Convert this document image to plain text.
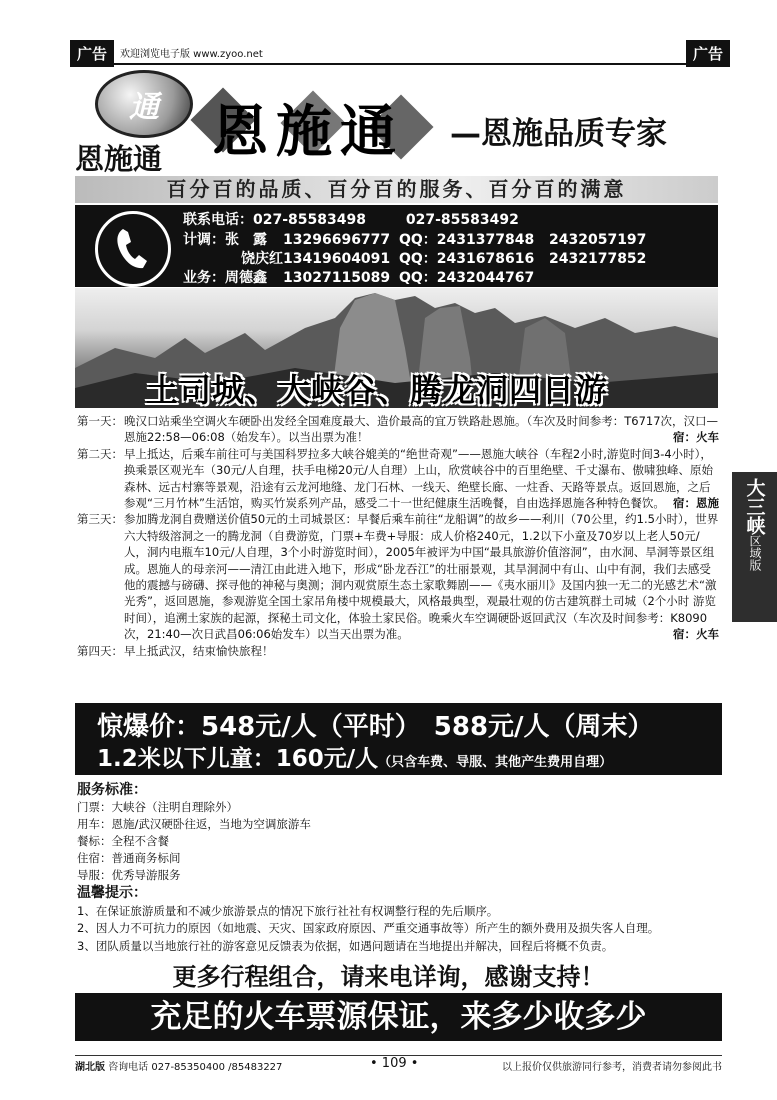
广告	欢迎浏览电子版 www.zyoo.net	广告
通
恩施通 恩施通 —恩施品质专家
百分百的品质、百分百的服务、百分百的满意
联系电话：027-85583498	027-85583492
计调：张　露 13296696777 QQ：2431377848 2432057197
饶庆红13419604091 QQ：2431678616 2432177852
业务：周德鑫 13027115089 QQ：2432044767
土司城、大峡谷、腾龙洞四日游
第一天： 晚汉口站乘坐空调火车硬卧出发经全国难度最大、造价最高的宜万铁路赴恩施。（车次及时间参考：T6717次，汉口—恩施22:58—06:08（始发车）。以当出票为准！	宿：火车
第二天： 早上抵达，后乘车前往可与美国科罗拉多大峡谷媲美的“绝世奇观”——恩施大峡谷（车程2小时,游览时间3-4小时），换乘景区观光车（30元/人自理，扶手电梯20元/人自理）上山，欣赏峡谷中的百里绝壁、千丈瀑布、傲啸独峰、原始森林、远古村寨等景观，沿途有云龙河地缝、龙门石林、一线天、绝壁长廊、一炷香、天路等景点。返回恩施，之后参观“三月竹林”生活馆，购买竹炭系列产品，感受二十一世纪健康生活晚餐，自由选择恩施各种特色餐饮。 宿：恩施
第三天： 参加腾龙洞自费赠送价值50元的土司城景区：早餐后乘车前往“龙船调”的故乡——利川（70公里，约1.5小时），世界六大特级溶洞之一的腾龙洞（自费游览，门票+车费+导服：成人价格240元，1.2以下小童及70岁以上老人50元/人，洞内电瓶车10元/人自理，3个小时游览时间），2005年被评为中国“最具旅游价值溶洞”，由水洞、旱洞等景区组成。恩施人的母亲河——清江由此进入地下，形成“卧龙吞江”的壮丽景观，其旱洞洞中有山、山中有洞，我们去感受他的震撼与磅礴、探寻他的神秘与奥测；洞内观赏原生态土家歌舞剧——《夷水丽川》及国内独一无二的光感艺术“激光秀”，返回恩施，参观游览全国土家吊角楼中规模最大，风格最典型，观最壮观的仿古建筑群土司城（2个小时 游览时间），追溯土家族的起源，探秘土司文化，体验土家民俗。晚乘火车空调硬卧返回武汉（车次及时间参考：K8090次，21:40—次日武昌06:06始发车）以当天出票为准。	宿：火车
第四天： 早上抵武汉，结束愉快旅程！
惊爆价：548元/人（平时）　588元/人（周末）
1.2米以下儿童：160元/人（只含车费、导服、其他产生费用自理）
服务标准：
门票：大峡谷（注明自理除外）
用车：恩施/武汉硬卧往返，当地为空调旅游车
餐标：全程不含餐
住宿：普通商务标间
导服：优秀导游服务
温馨提示：
1、在保证旅游质量和不减少旅游景点的情况下旅行社社有权调整行程的先后顺序。
2、因人力不可抗力的原因（如地震、天灾、国家政府原因、严重交通事故等）所产生的额外费用及损失客人自理。
3、团队质量以当地旅行社的游客意见反馈表为依据，如遇问题请在当地提出并解决，回程后将概不负责。
更多行程组合，请来电详询，感谢支持！
充足的火车票源保证，来多少收多少
湖北版 咨询电话 027-85350400 /85483227	• 109 •	以上报价仅供旅游同行参考，消费者请勿参阅此书
大三峡
区域版
